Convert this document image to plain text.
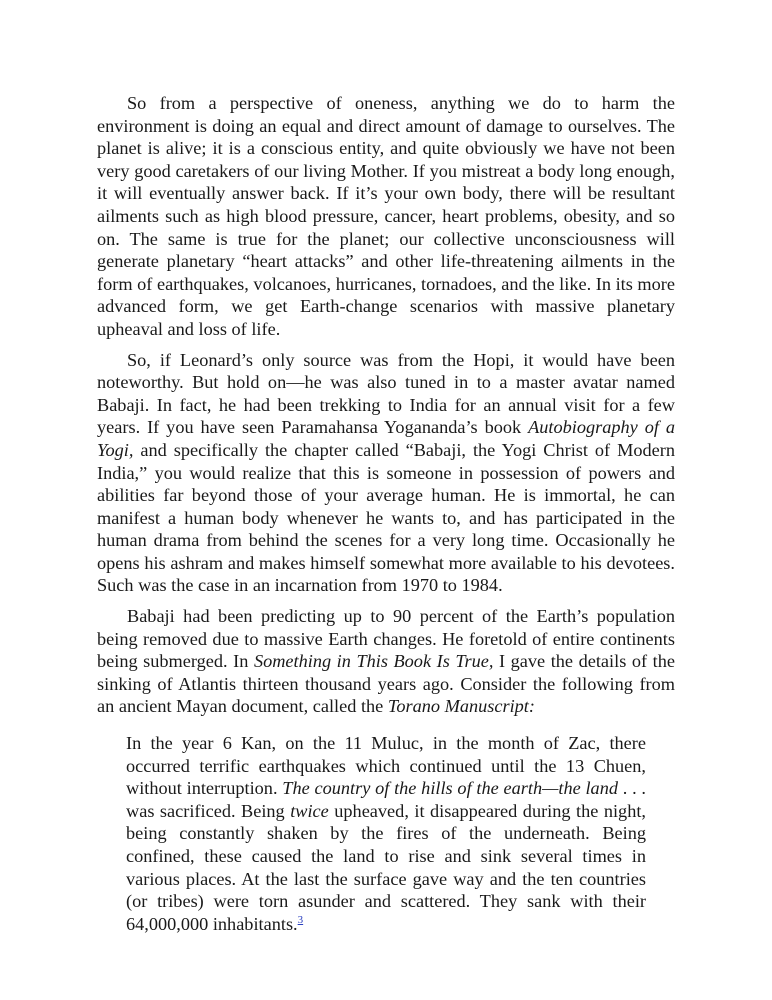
So from a perspective of oneness, anything we do to harm the environment is doing an equal and direct amount of damage to ourselves. The planet is alive; it is a conscious entity, and quite obviously we have not been very good caretakers of our living Mother. If you mistreat a body long enough, it will eventually answer back. If it’s your own body, there will be resultant ailments such as high blood pressure, cancer, heart problems, obesity, and so on. The same is true for the planet; our collective unconsciousness will generate planetary “heart attacks” and other life-threatening ailments in the form of earthquakes, volcanoes, hurricanes, tornadoes, and the like. In its more advanced form, we get Earth-change scenarios with massive planetary upheaval and loss of life.

So, if Leonard’s only source was from the Hopi, it would have been noteworthy. But hold on—he was also tuned in to a master avatar named Babaji. In fact, he had been trekking to India for an annual visit for a few years. If you have seen Paramahansa Yogananda’s book Autobiography of a Yogi, and specifically the chapter called “Babaji, the Yogi Christ of Modern India,” you would realize that this is someone in possession of powers and abilities far beyond those of your average human. He is immortal, he can manifest a human body whenever he wants to, and has participated in the human drama from behind the scenes for a very long time. Occasionally he opens his ashram and makes himself somewhat more available to his devotees. Such was the case in an incarnation from 1970 to 1984.

Babaji had been predicting up to 90 percent of the Earth’s population being removed due to massive Earth changes. He foretold of entire continents being submerged. In Something in This Book Is True, I gave the details of the sinking of Atlantis thirteen thousand years ago. Consider the following from an ancient Mayan document, called the Torano Manuscript:

In the year 6 Kan, on the 11 Muluc, in the month of Zac, there occurred terrific earthquakes which continued until the 13 Chuen, without interruption. The country of the hills of the earth—the land . . . was sacrificed. Being twice upheaved, it disappeared during the night, being constantly shaken by the fires of the underneath. Being confined, these caused the land to rise and sink several times in various places. At the last the surface gave way and the ten countries (or tribes) were torn asunder and scattered. They sank with their 64,000,000 inhabitants.$^3$
